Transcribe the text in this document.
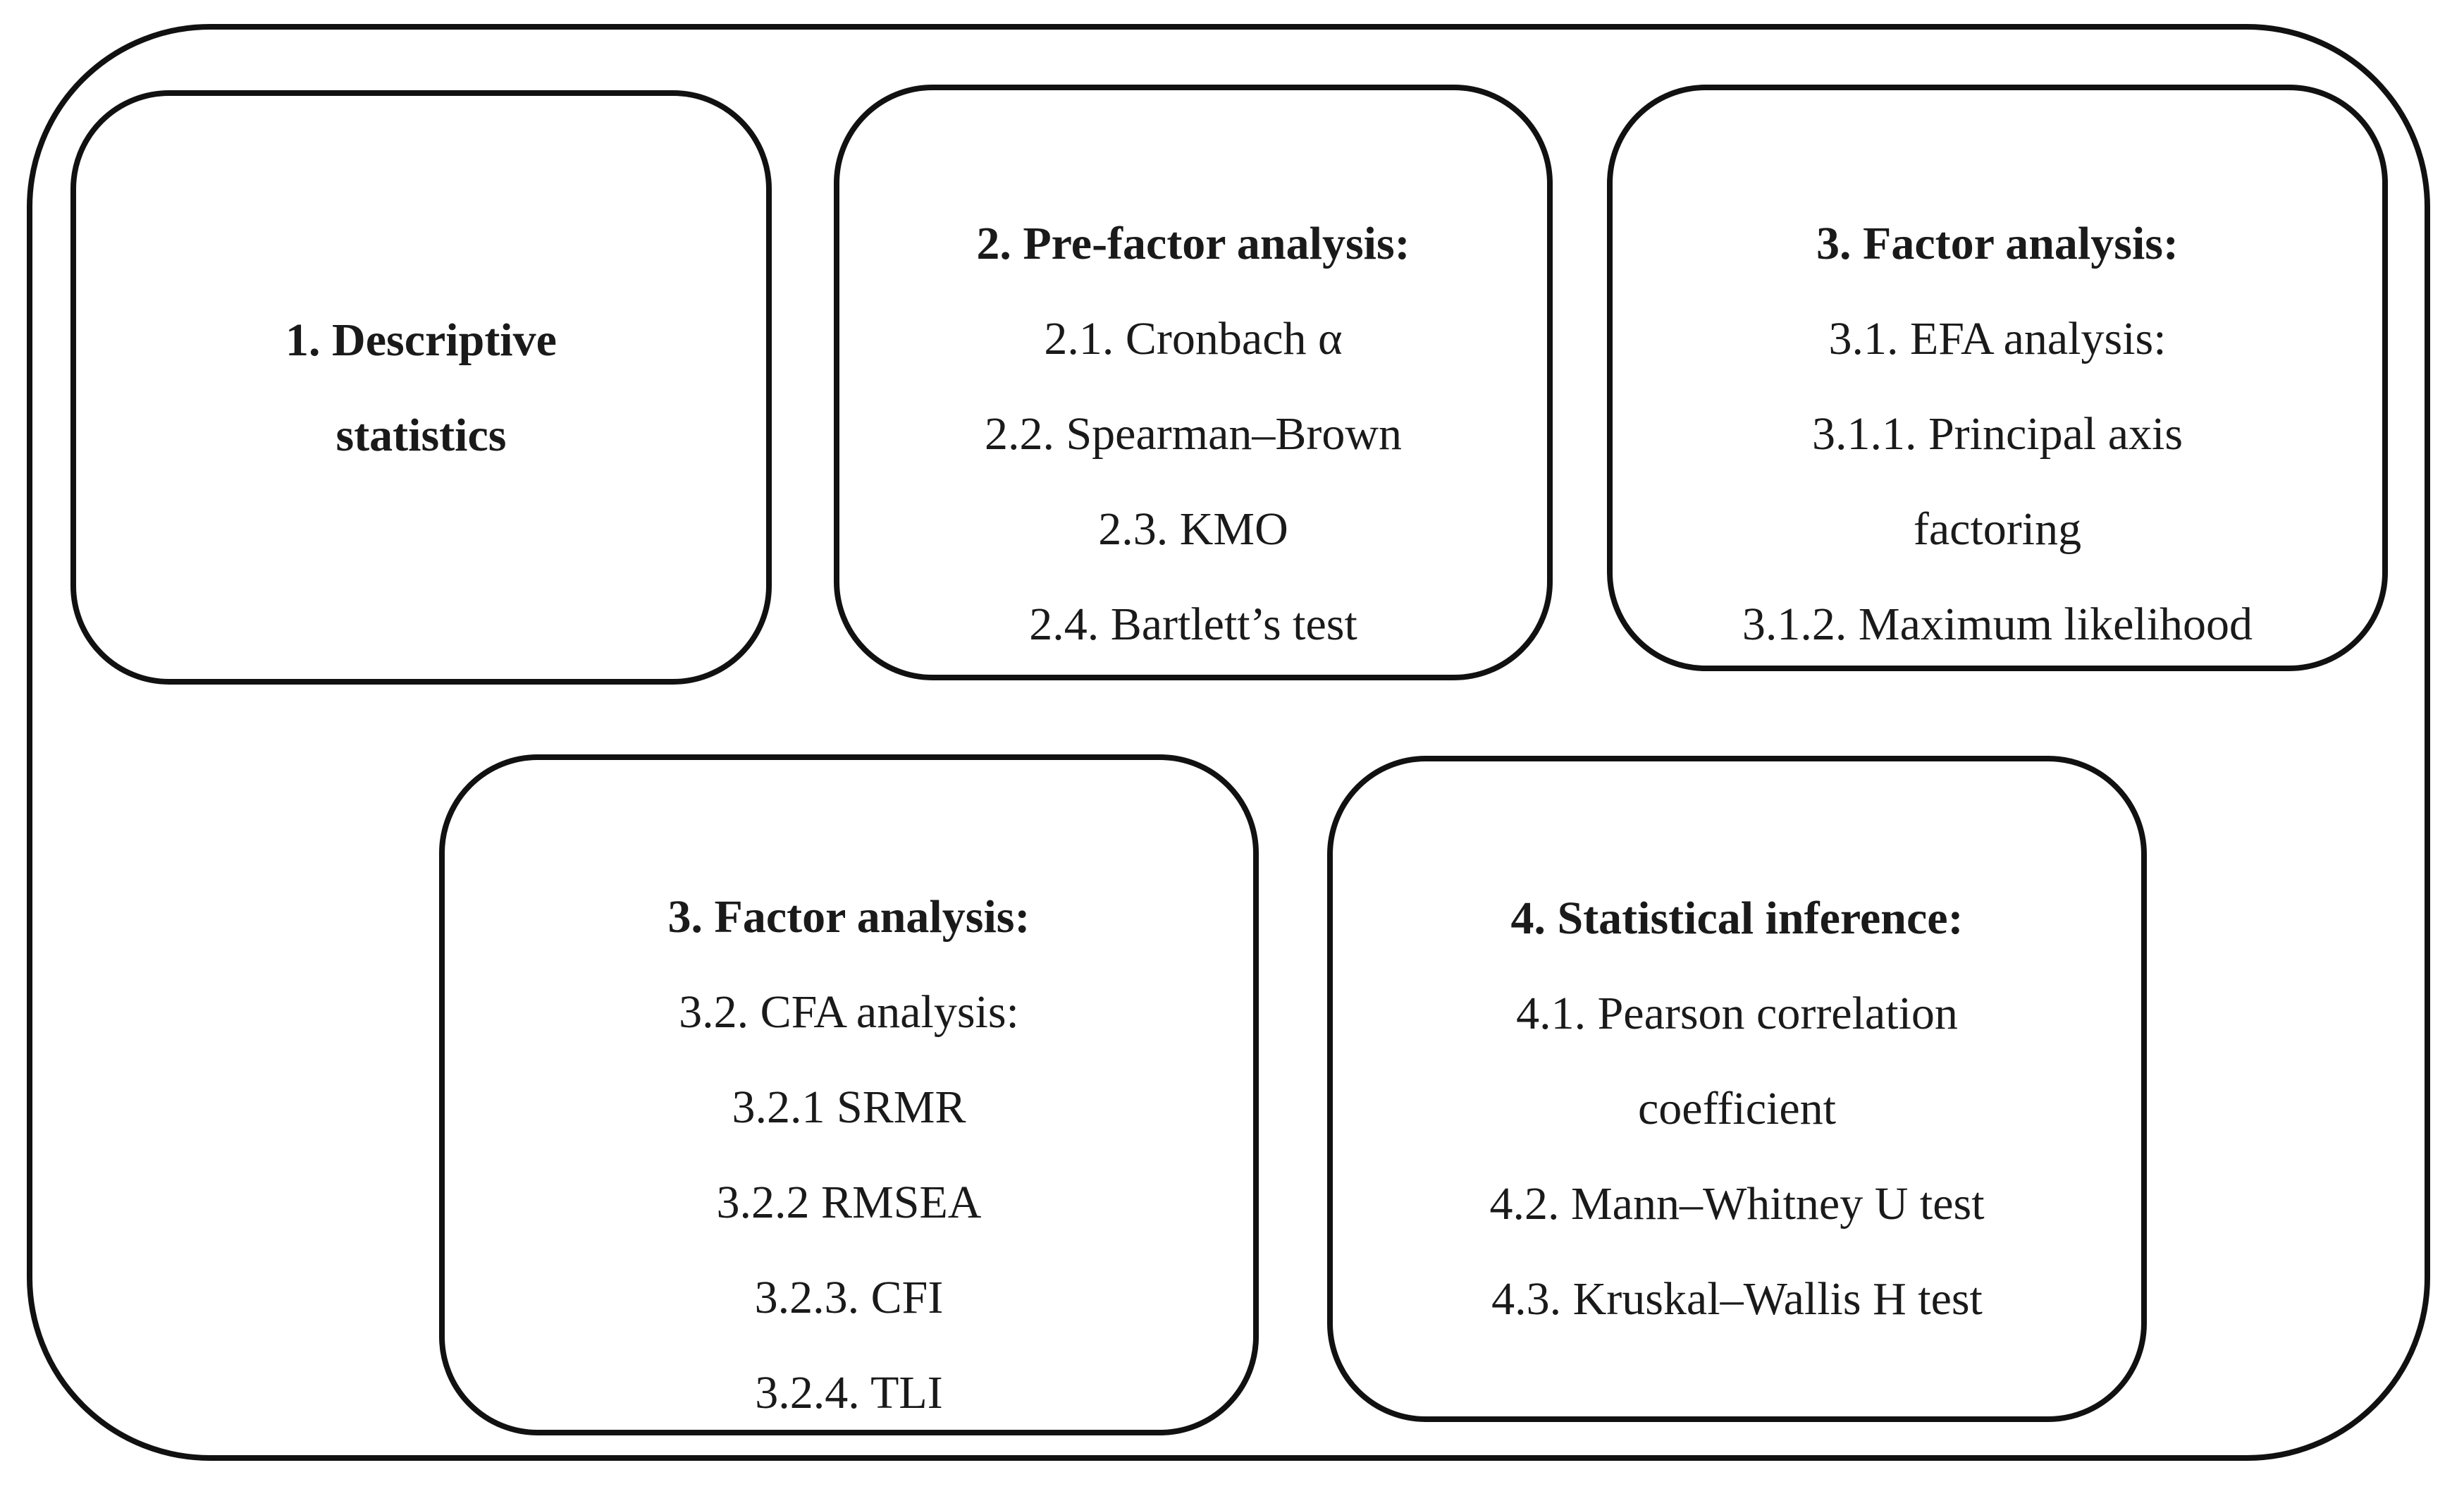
1. Descriptive
statistics
2. Pre-factor analysis:
2.1. Cronbach α
2.2. Spearman–Brown
2.3. KMO
2.4. Bartlett’s test
3. Factor analysis:
3.1. EFA analysis:
3.1.1. Principal axis
factoring
3.1.2. Maximum likelihood
3. Factor analysis:
3.2. CFA analysis:
3.2.1 SRMR
3.2.2 RMSEA
3.2.3. CFI
3.2.4. TLI
4. Statistical inference:
4.1. Pearson correlation
coefficient
4.2. Mann–Whitney U test
4.3. Kruskal–Wallis H test
